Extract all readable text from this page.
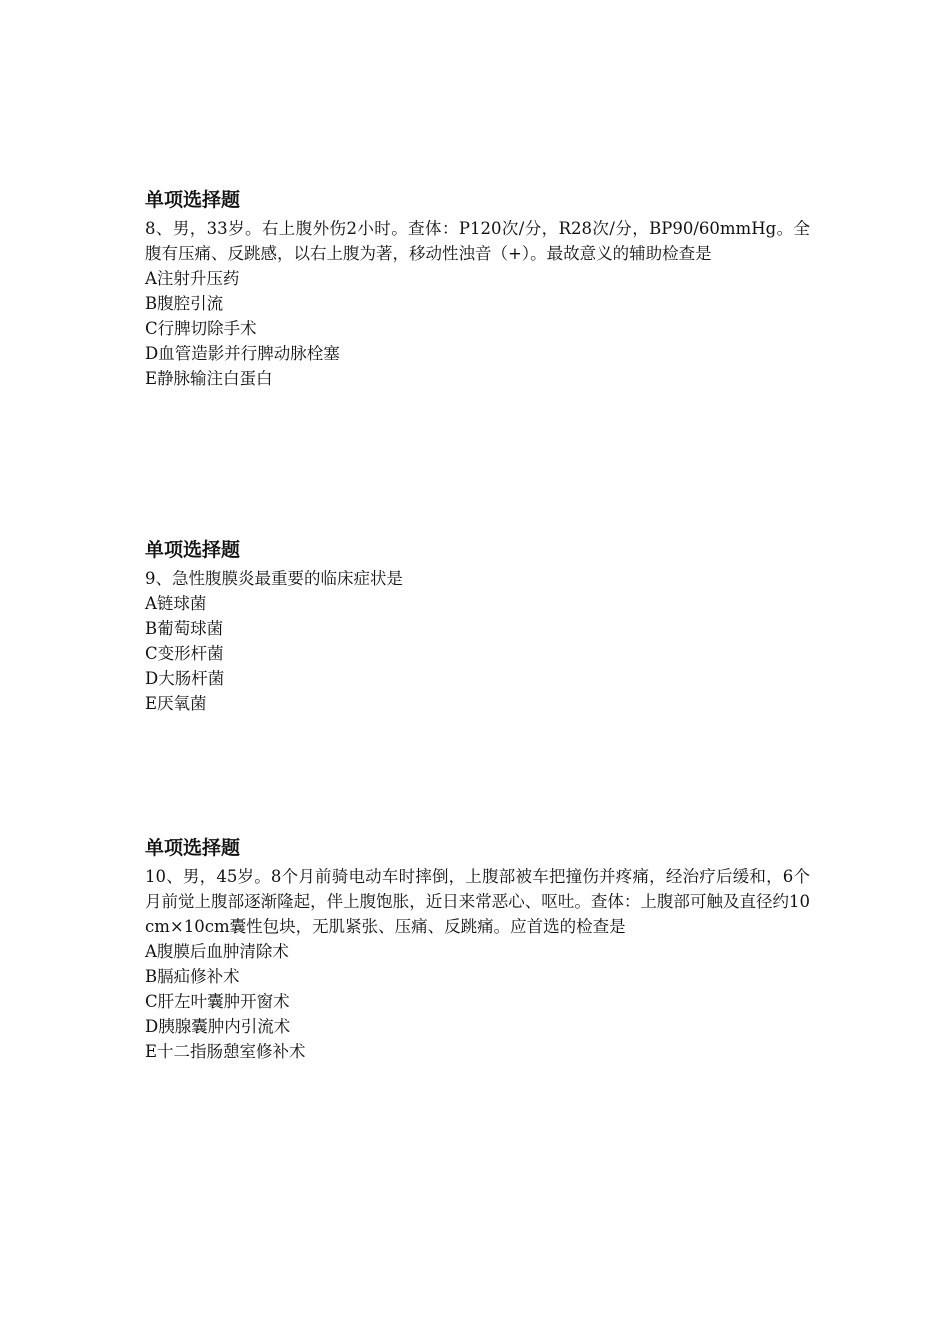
单项选择题

8、男，33岁。右上腹外伤2小时。查体：P120次/分，R28次/分，BP90/60mmHg。全腹有压痛、反跳感，以右上腹为著，移动性浊音（+）。最故意义的辅助检查是

A注射升压药
B腹腔引流
C行脾切除手术
D血管造影并行脾动脉栓塞
E静脉输注白蛋白
单项选择题

9、急性腹膜炎最重要的临床症状是

A链球菌
B葡萄球菌
C变形杆菌
D大肠杆菌
E厌氧菌
单项选择题

10、男，45岁。8个月前骑电动车时摔倒，上腹部被车把撞伤并疼痛，经治疗后缓和，6个月前觉上腹部逐渐隆起，伴上腹饱胀，近日来常恶心、呕吐。查体：上腹部可触及直径约10cm×10cm囊性包块，无肌紧张、压痛、反跳痛。应首选的检查是

A腹膜后血肿清除术
B膈疝修补术
C肝左叶囊肿开窗术
D胰腺囊肿内引流术
E十二指肠憩室修补术
